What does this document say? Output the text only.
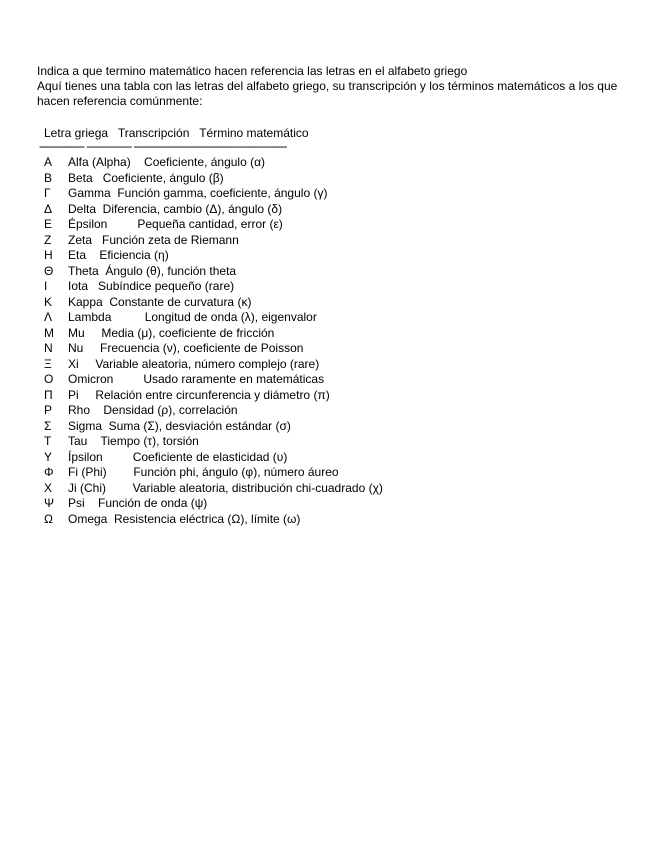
Indica a que termino matemático hacen referencia las letras en el alfabeto griego

Aquí tienes una tabla con las letras del alfabeto griego, su transcripción y los términos matemáticos a los que hacen referencia comúnmente:

Letra griega   Transcripción   Término matemático
--------------- --------------- ---------------------------------------------------
Α Alfa (Alpha)    Coeficiente, ángulo (α)
Β Beta   Coeficiente, ángulo (β)
Γ Gamma  Función gamma, coeficiente, ángulo (γ)
Δ Delta  Diferencia, cambio (Δ), ángulo (δ)
Ε Épsilon         Pequeña cantidad, error (ε)
Ζ Zeta   Función zeta de Riemann
Η Eta    Eficiencia (η)
Θ Theta  Ángulo (θ), función theta
Ι Iota   Subíndice pequeño (rare)
Κ Kappa  Constante de curvatura (κ)
Λ Lambda          Longitud de onda (λ), eigenvalor
Μ Mu     Media (μ), coeficiente de fricción
Ν Nu     Frecuencia (ν), coeficiente de Poisson
Ξ Xi     Variable aleatoria, número complejo (rare)
Ο Omicron         Usado raramente en matemáticas
Π Pi     Relación entre circunferencia y diámetro (π)
Ρ Rho    Densidad (ρ), correlación
Σ Sigma  Suma (Σ), desviación estándar (σ)
Τ Tau    Tiempo (τ), torsión
Υ Ípsilon         Coeficiente de elasticidad (υ)
Φ Fi (Phi)        Función phi, ángulo (φ), número áureo
Χ Ji (Chi)        Variable aleatoria, distribución chi-cuadrado (χ)
Ψ Psi    Función de onda (ψ)
Ω Omega  Resistencia eléctrica (Ω), límite (ω)
